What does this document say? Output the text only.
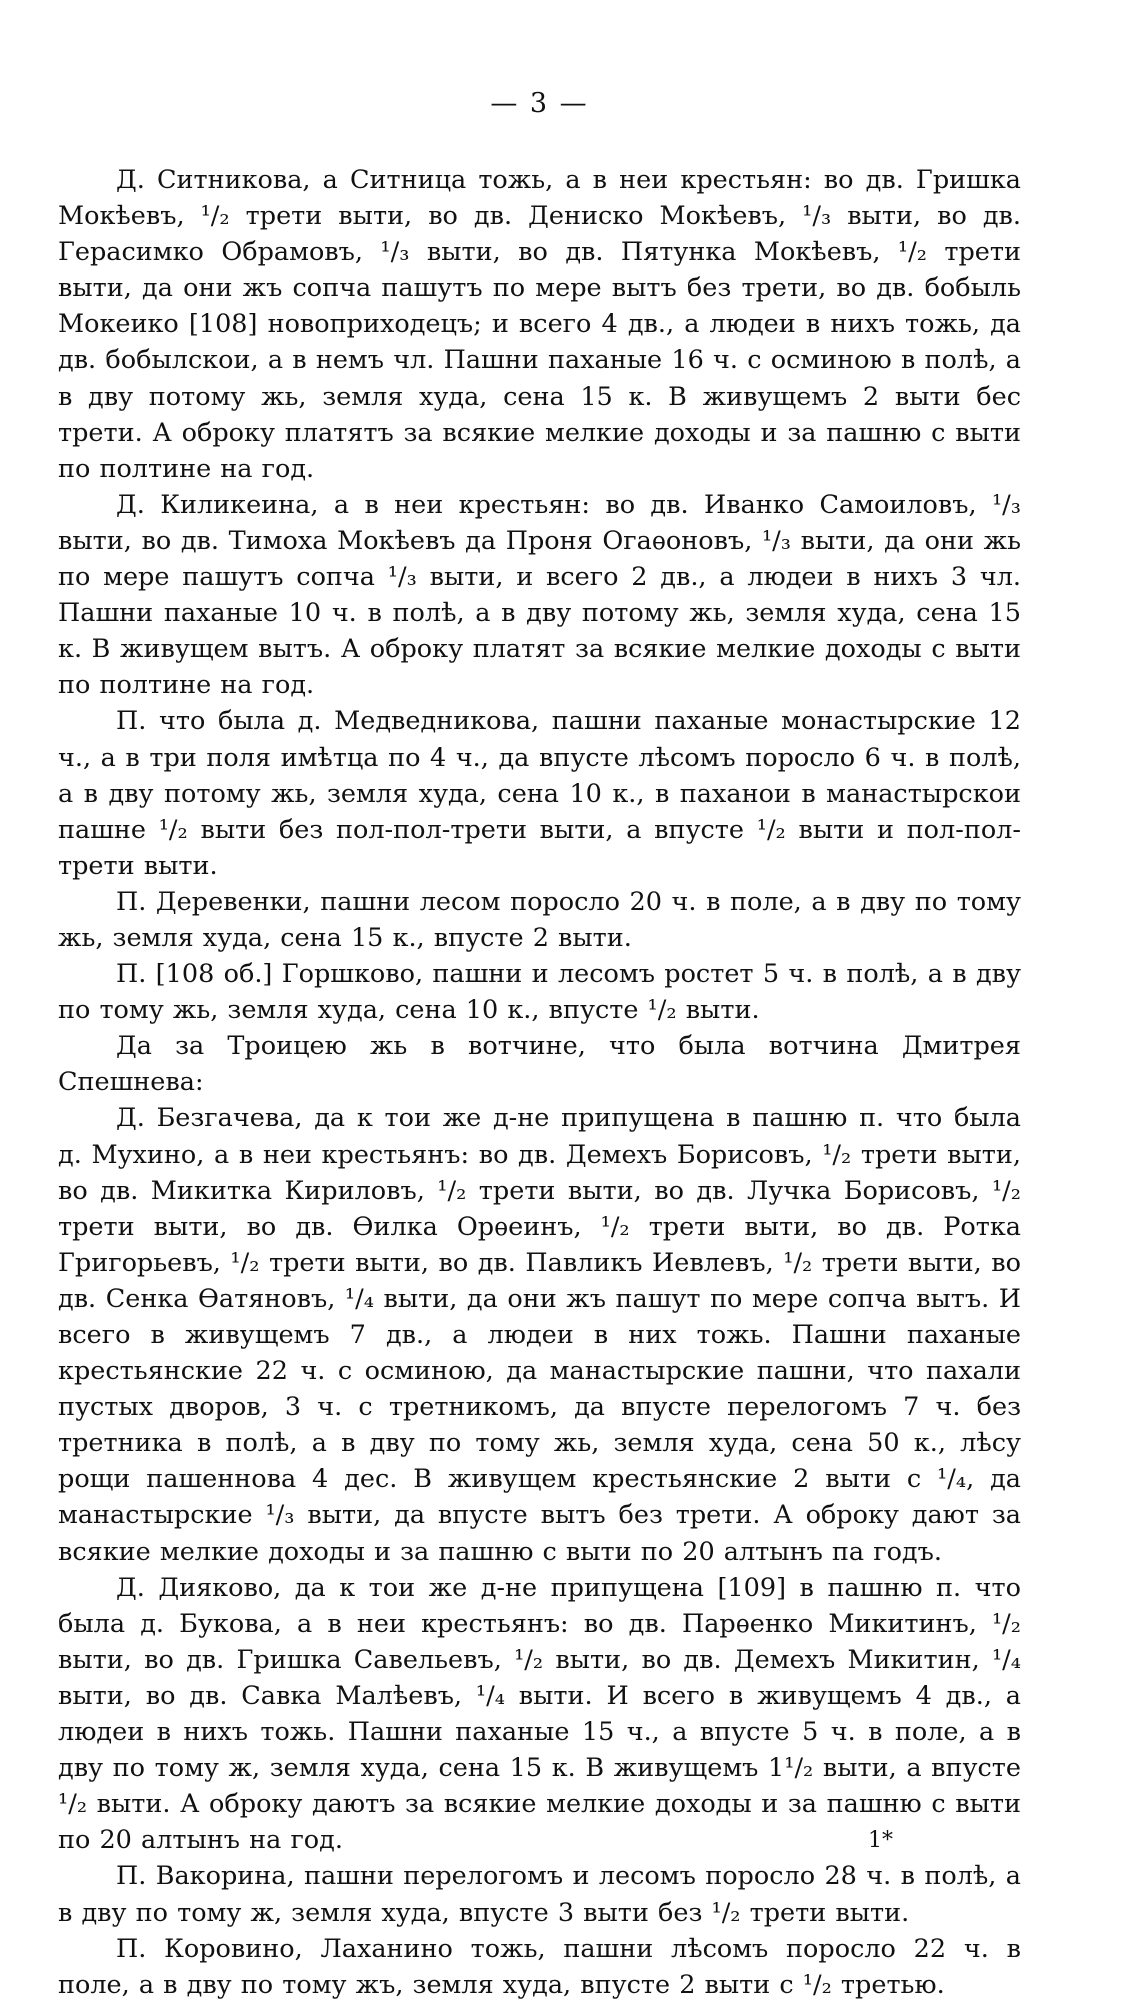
— 3 —

Д. Ситникова, а Ситница тожь, а в неи крестьян: во дв. Гришка Мокѣевъ, ¹/₂ трети выти, во дв. Дениско Мокѣевъ, ¹/₃ выти, во дв. Герасимко Обрамовъ, ¹/₃ выти, во дв. Пятунка Мокѣевъ, ¹/₂ трети выти, да они жъ сопча пашутъ по мере вытъ без трети, во дв. бобыль Мокеико [108] новоприходецъ; и всего 4 дв., а людеи в нихъ тожь, да дв. бобылскои, а в немъ чл. Пашни паханые 16 ч. с осминою в полѣ, а в дву потому жь, земля худа, сена 15 к. В живущемъ 2 выти бес трети. А оброку платятъ за всякие мелкие доходы и за пашню с выти по полтине на год.

Д. Киликеина, а в неи крестьян: во дв. Иванко Самоиловъ, ¹/₃ выти, во дв. Тимоха Мокѣевъ да Проня Огаѳоновъ, ¹/₃ выти, да они жь по мере пашутъ сопча ¹/₃ выти, и всего 2 дв., а людеи в нихъ 3 чл. Пашни паханые 10 ч. в полѣ, а в дву потому жь, земля худа, сена 15 к. В живущем вытъ. А оброку платят за всякие мелкие доходы с выти по полтине на год.

П. что была д. Медведникова, пашни паханые монастырские 12 ч., а в три поля имѣтца по 4 ч., да впусте лѣсомъ поросло 6 ч. в полѣ, а в дву потому жь, земля худа, сена 10 к., в паханои в манастырскои пашне ¹/₂ выти без пол-пол-трети выти, а впусте ¹/₂ выти и пол-пол-трети выти.

П. Деревенки, пашни лесом поросло 20 ч. в поле, а в дву по тому жь, земля худа, сена 15 к., впусте 2 выти.

П. [108 об.] Горшково, пашни и лесомъ ростет 5 ч. в полѣ, а в дву по тому жь, земля худа, сена 10 к., впусте ¹/₂ выти.

Да за Троицею жь в вотчине, что была вотчина Дмитрея Спешнева:

Д. Безгачева, да к тои же д-не припущена в пашню п. что была д. Мухино, а в неи крестьянъ: во дв. Демехъ Борисовъ, ¹/₂ трети выти, во дв. Микитка Кириловъ, ¹/₂ трети выти, во дв. Лучка Борисовъ, ¹/₂ трети выти, во дв. Ѳилка Орѳеинъ, ¹/₂ трети выти, во дв. Ротка Григорьевъ, ¹/₂ трети выти, во дв. Павликъ Иевлевъ, ¹/₂ трети выти, во дв. Сенка Ѳатяновъ, ¹/₄ выти, да они жъ пашут по мере сопча вытъ. И всего в живущемъ 7 дв., а людеи в них тожь. Пашни паханые крестьянские 22 ч. с осминою, да манастырские пашни, что пахали пустых дворов, 3 ч. с третникомъ, да впусте перелогомъ 7 ч. без третника в полѣ, а в дву по тому жь, земля худа, сена 50 к., лѣсу рощи пашеннова 4 дес. В живущем крестьянские 2 выти с ¹/₄, да манастырские ¹/₃ выти, да впусте вытъ без трети. А оброку дают за всякие мелкие доходы и за пашню с выти по 20 алтынъ па годъ.

Д. Дияково, да к тои же д-не припущена [109] в пашню п. что была д. Букова, а в неи крестьянъ: во дв. Парѳенко Микитинъ, ¹/₂ выти, во дв. Гришка Савельевъ, ¹/₂ выти, во дв. Демехъ Микитин, ¹/₄ выти, во дв. Савка Малѣевъ, ¹/₄ выти. И всего в живущемъ 4 дв., а людеи в нихъ тожь. Пашни паханые 15 ч., а впусте 5 ч. в поле, а в дву по тому ж, земля худа, сена 15 к. В живущемъ 1¹/₂ выти, а впусте ¹/₂ выти. А оброку даютъ за всякие мелкие доходы и за пашню с выти по 20 алтынъ на год.

П. Вакорина, пашни перелогомъ и лесомъ поросло 28 ч. в полѣ, а в дву по тому ж, земля худа, впусте 3 выти без ¹/₂ трети выти.

П. Коровино, Лаханино тожь, пашни лѣсомъ поросло 22 ч. в поле, а в дву по тому жъ, земля худа, впусте 2 выти с ¹/₂ третью.

1*
